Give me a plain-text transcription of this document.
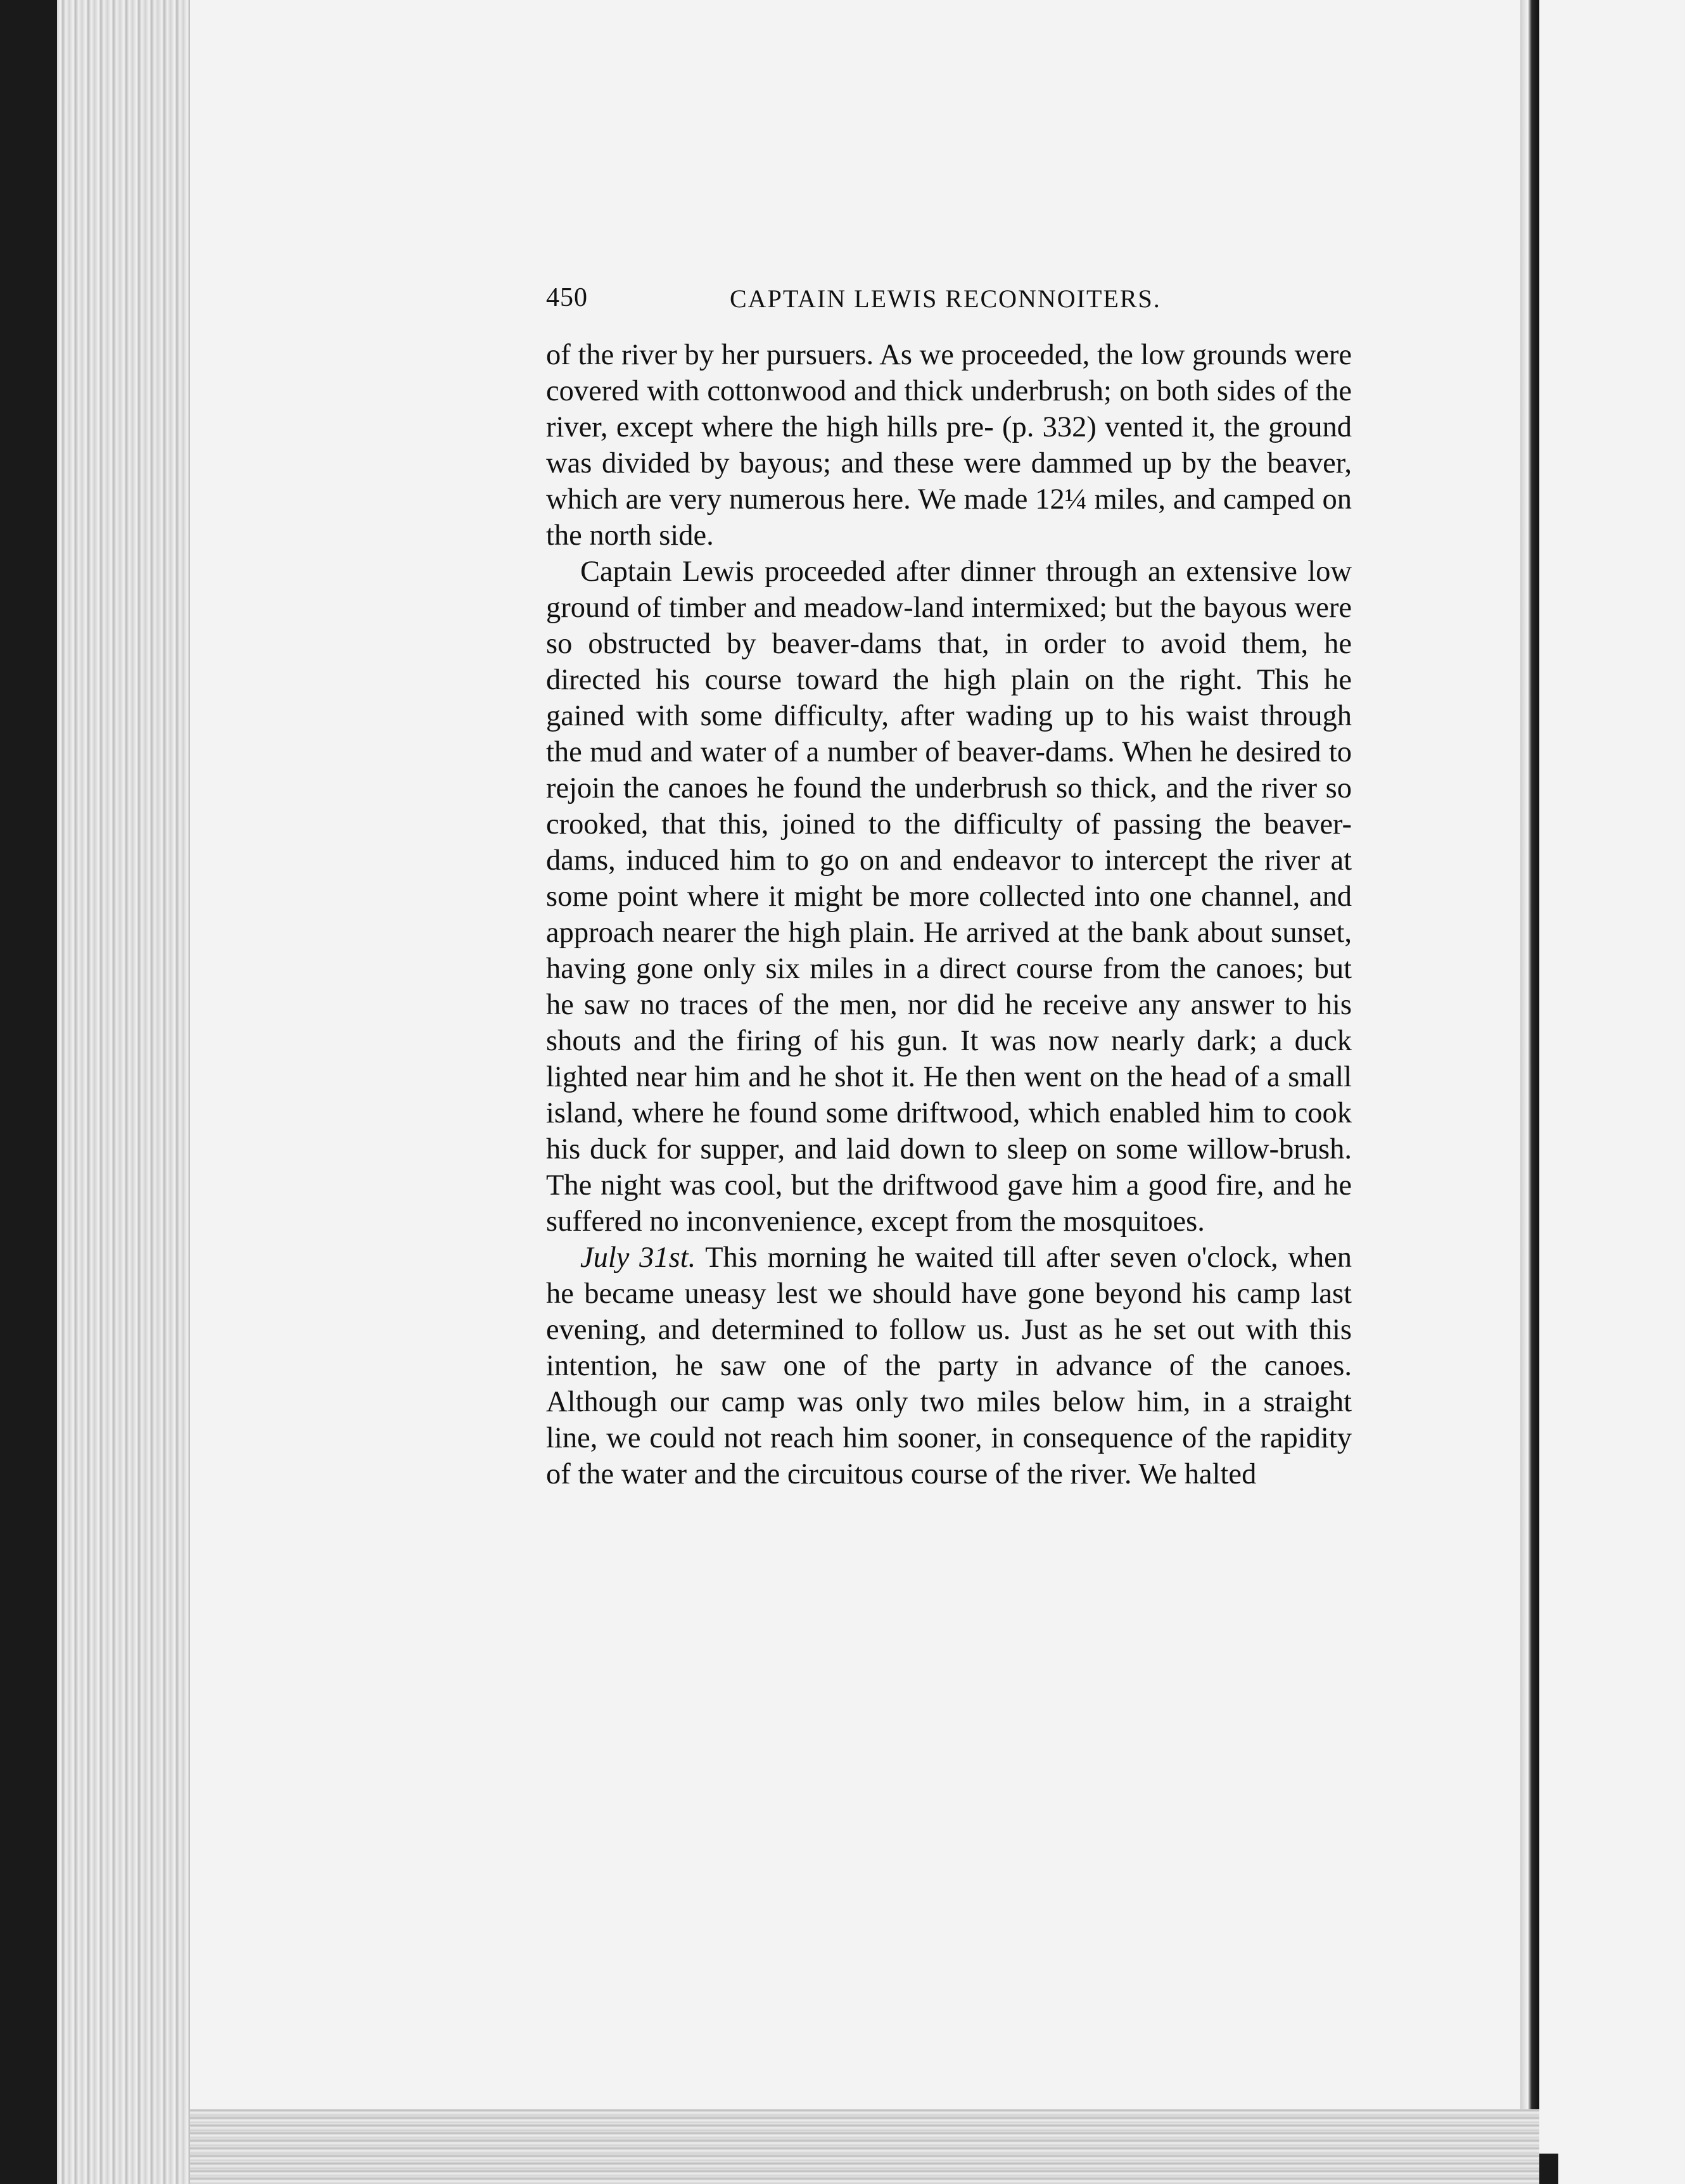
450	CAPTAIN LEWIS RECONNOITERS.

of the river by her pursuers. As we proceeded, the low grounds were covered with cottonwood and thick underbrush; on both sides of the river, except where the high hills pre- (p. 332) vented it, the ground was divided by bayous; and these were dammed up by the beaver, which are very numerous here. We made 12¼ miles, and camped on the north side.

Captain Lewis proceeded after dinner through an extensive low ground of timber and meadow-land intermixed; but the bayous were so obstructed by beaver-dams that, in order to avoid them, he directed his course toward the high plain on the right. This he gained with some difficulty, after wading up to his waist through the mud and water of a number of beaver-dams. When he desired to rejoin the canoes he found the underbrush so thick, and the river so crooked, that this, joined to the difficulty of passing the beaver-dams, induced him to go on and endeavor to intercept the river at some point where it might be more collected into one channel, and approach nearer the high plain. He arrived at the bank about sunset, having gone only six miles in a direct course from the canoes; but he saw no traces of the men, nor did he receive any answer to his shouts and the firing of his gun. It was now nearly dark; a duck lighted near him and he shot it. He then went on the head of a small island, where he found some driftwood, which enabled him to cook his duck for supper, and laid down to sleep on some willow-brush. The night was cool, but the driftwood gave him a good fire, and he suffered no inconvenience, except from the mosquitoes.

July 31st. This morning he waited till after seven o'clock, when he became uneasy lest we should have gone beyond his camp last evening, and determined to follow us. Just as he set out with this intention, he saw one of the party in advance of the canoes. Although our camp was only two miles below him, in a straight line, we could not reach him sooner, in consequence of the rapidity of the water and the circuitous course of the river. We halted
